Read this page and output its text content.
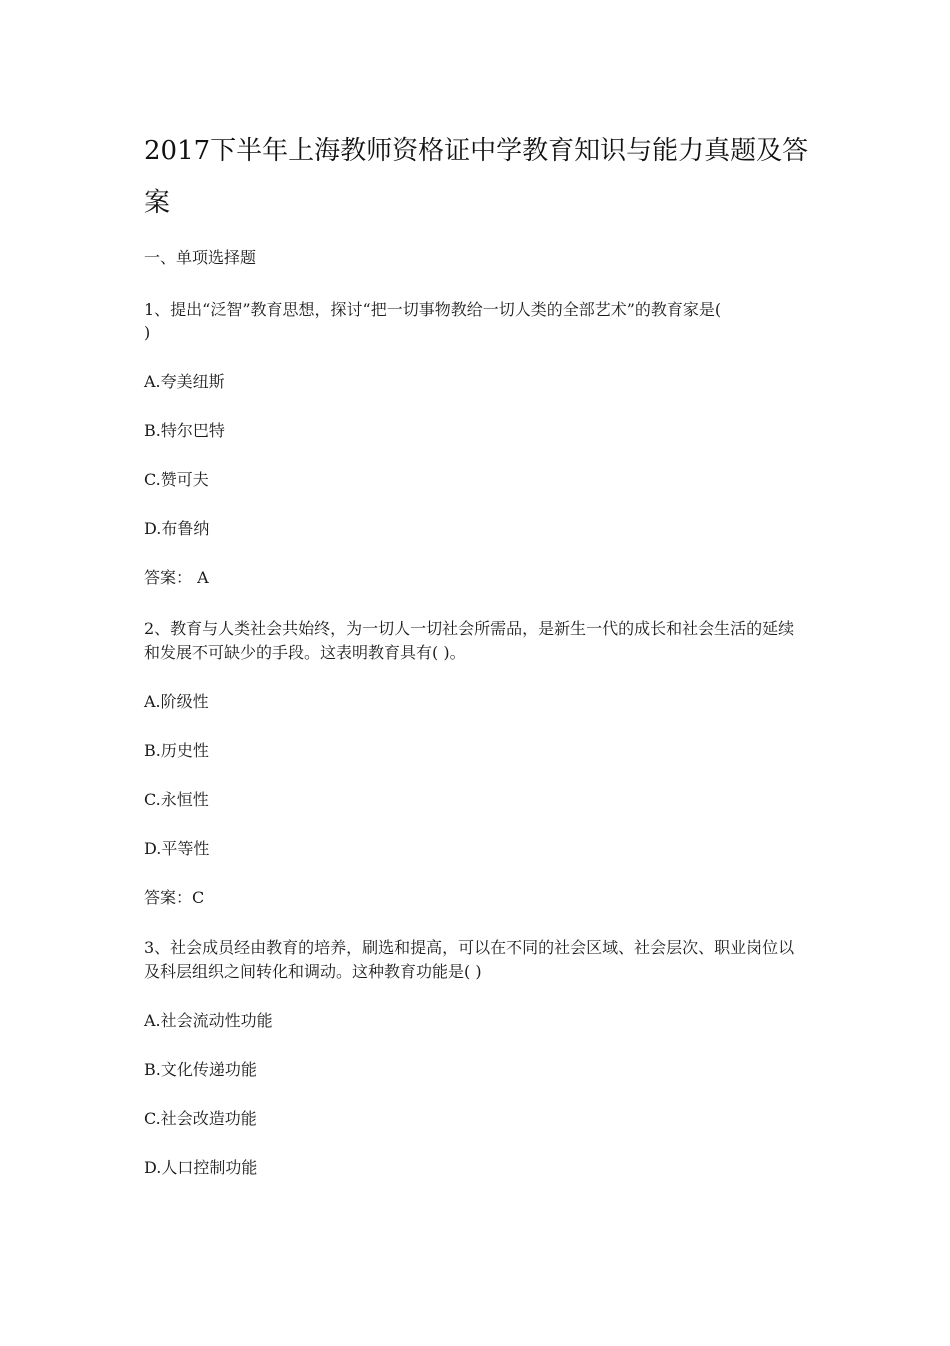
2017下半年上海教师资格证中学教育知识与能力真题及答案

一、单项选择题

1、提出“泛智”教育思想，探讨“把一切事物教给一切人类的全部艺术”的教育家是(

)

A.夸美纽斯

B.特尔巴特

C.赞可夫

D.布鲁纳

答案： A

2、教育与人类社会共始终，为一切人一切社会所需品，是新生一代的成长和社会生活的延续

和发展不可缺少的手段。这表明教育具有( )。

A.阶级性

B.历史性

C.永恒性

D.平等性

答案：C

3、社会成员经由教育的培养，刷选和提高，可以在不同的社会区域、社会层次、职业岗位以

及科层组织之间转化和调动。这种教育功能是( )

A.社会流动性功能

B.文化传递功能

C.社会改造功能

D.人口控制功能
